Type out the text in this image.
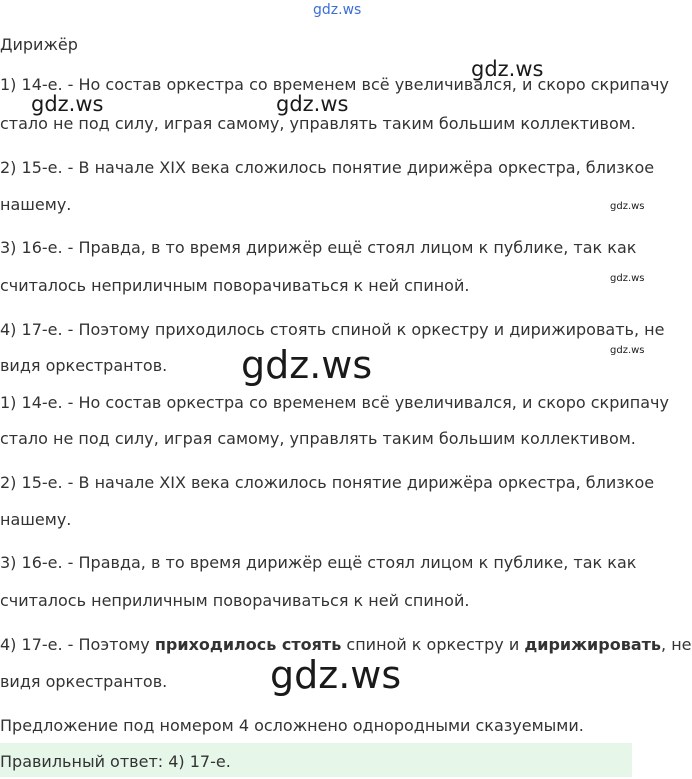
gdz.ws
gdz.ws
gdz.ws	gdz.ws
gdz.ws
gdz.ws
gdz.ws
gdz.ws
gdz.ws
Дирижёр
1) 14-е. - Но состав оркестра со временем всё увеличивался, и скоро скрипачу
стало не под силу, играя самому, управлять таким большим коллективом.
2) 15-е. - В начале XIX века сложилось понятие дирижёра оркестра, близкое
нашему.
3) 16-е. - Правда, в то время дирижёр ещё стоял лицом к публике, так как
считалось неприличным поворачиваться к ней спиной.
4) 17-е. - Поэтому приходилось стоять спиной к оркестру и дирижировать, не
видя оркестрантов.
1) 14-е. - Но состав оркестра со временем всё увеличивался, и скоро скрипачу
стало не под силу, играя самому, управлять таким большим коллективом.
2) 15-е. - В начале XIX века сложилось понятие дирижёра оркестра, близкое
нашему.
3) 16-е. - Правда, в то время дирижёр ещё стоял лицом к публике, так как
считалось неприличным поворачиваться к ней спиной.
4) 17-е. - Поэтому приходилось стоять спиной к оркестру и дирижировать, не
видя оркестрантов.
Предложение под номером 4 осложнено однородными сказуемыми.
Правильный ответ: 4) 17-е.
